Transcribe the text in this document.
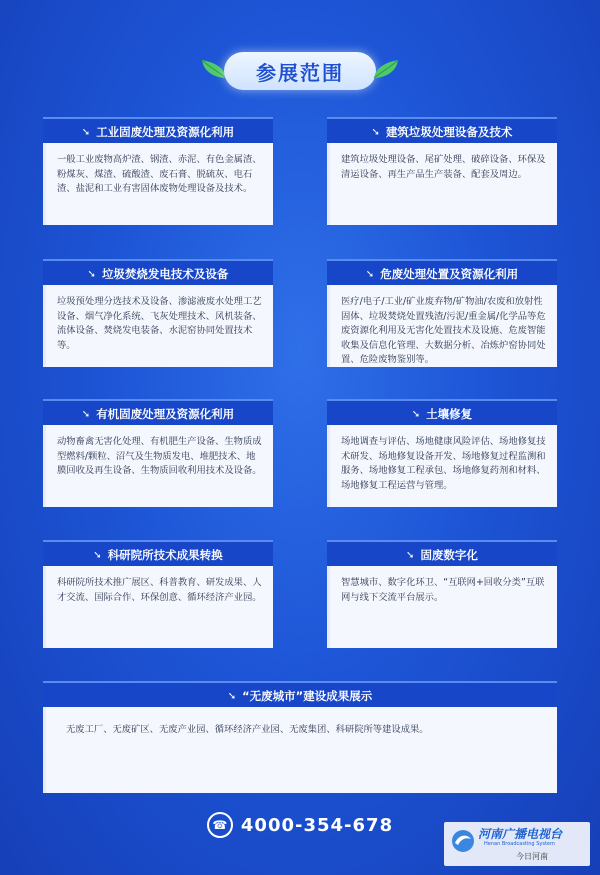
参展范围
➘ 工业固废处理及资源化利用
一般工业废物高炉渣、钢渣、赤泥、有色金属渣、粉煤灰、煤渣、硫酸渣、废石膏、脱硫灰、电石渣、盐泥和工业有害固体废物处理设备及技术。
➘ 建筑垃圾处理设备及技术
建筑垃圾处理设备、尾矿处理、破碎设备、环保及清运设备、再生产品生产装备、配套及周边。
➘ 垃圾焚烧发电技术及设备
垃圾预处理分选技术及设备、渗滤液废水处理工艺设备、烟气净化系统、飞灰处理技术、风机装备、流体设备、焚烧发电装备、水泥窑协同处置技术等。
➘ 危废处理处置及资源化利用
医疗/电子/工业/矿业废弃物/矿物油/农废和放射性固体、垃圾焚烧处置残渣/污泥/重金属/化学品等危废资源化利用及无害化处置技术及设施、危废智能收集及信息化管理、大数据分析、冶炼炉窑协同处置、危险废物鉴别等。
➘ 有机固废处理及资源化利用
动物畜禽无害化处理、有机肥生产设备、生物质成型燃料/颗粒、沼气及生物质发电、堆肥技术、地膜回收及再生设备、生物质回收利用技术及设备。
➘ 土壤修复
场地调查与评估、场地健康风险评估、场地修复技术研发、场地修复设备开发、场地修复过程监测和服务、场地修复工程承包、场地修复药剂和材料、场地修复工程运营与管理。
➘ 科研院所技术成果转换
科研院所技术推广展区、科普教育、研发成果、人才交流、国际合作、环保创意、循环经济产业园。
➘ 固废数字化
智慧城市、数字化环卫、“互联网+回收分类”互联网与线下交流平台展示。
➘ “无废城市”建设成果展示
无废工厂、无废矿区、无废产业园、循环经济产业园、无废集团、科研院所等建设成果。
☎ 4000-354-678	河南广播电视台
Henan Broadcasting System
今日河南
